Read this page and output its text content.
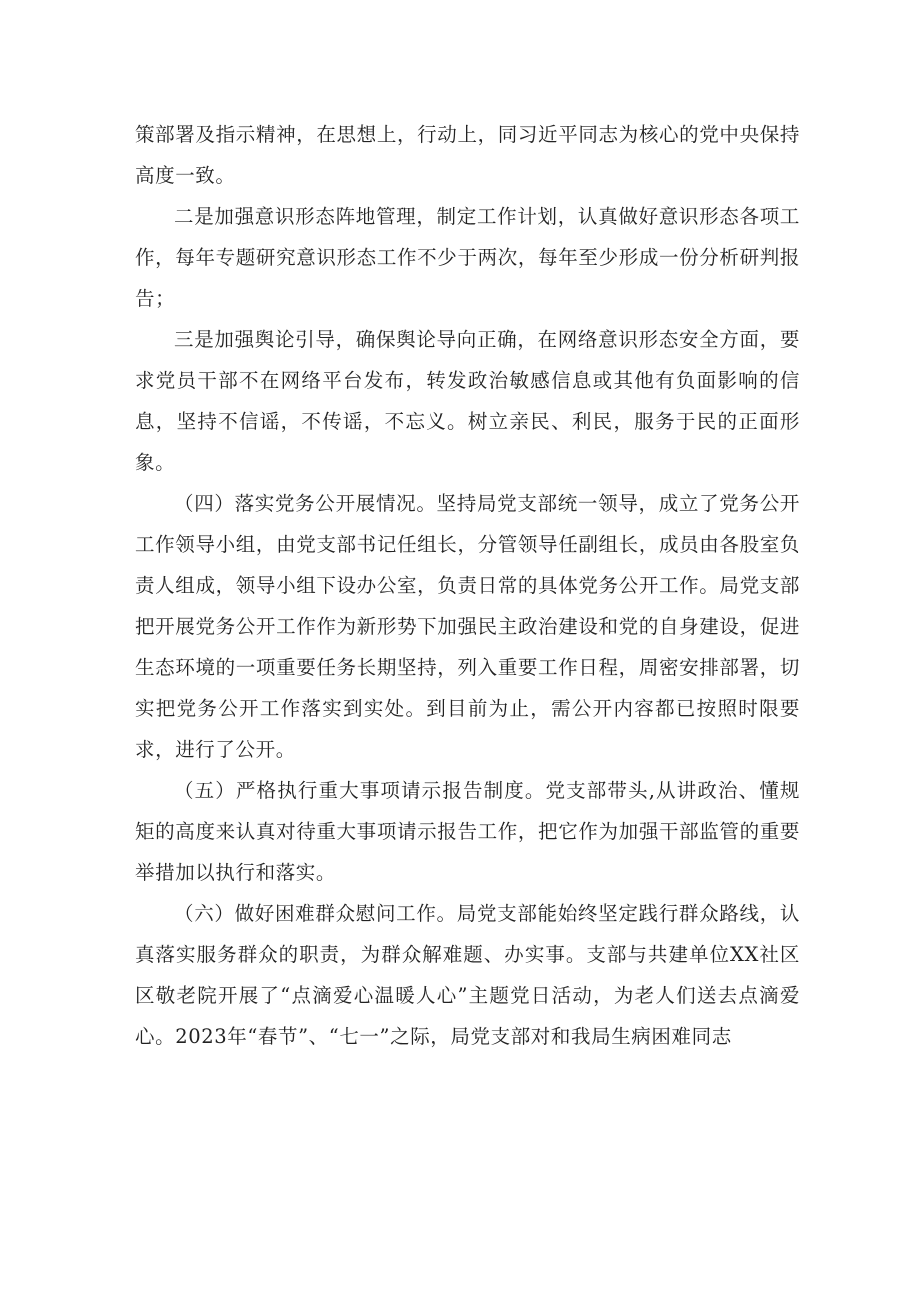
策部署及指示精神，在思想上，行动上，同习近平同志为核心的党中央保持高度一致。

二是加强意识形态阵地管理，制定工作计划，认真做好意识形态各项工作，每年专题研究意识形态工作不少于两次，每年至少形成一份分析研判报告；

三是加强舆论引导，确保舆论导向正确，在网络意识形态安全方面，要求党员干部不在网络平台发布，转发政治敏感信息或其他有负面影响的信息，坚持不信谣，不传谣，不忘义。树立亲民、利民，服务于民的正面形象。

（四）落实党务公开展情况。坚持局党支部统一领导，成立了党务公开工作领导小组，由党支部书记任组长，分管领导任副组长，成员由各股室负责人组成，领导小组下设办公室，负责日常的具体党务公开工作。局党支部把开展党务公开工作作为新形势下加强民主政治建设和党的自身建设，促进生态环境的一项重要任务长期坚持，列入重要工作日程，周密安排部署，切实把党务公开工作落实到实处。到目前为止，需公开内容都已按照时限要求，进行了公开。

（五）严格执行重大事项请示报告制度。党支部带头,从讲政治、懂规矩的高度来认真对待重大事项请示报告工作，把它作为加强干部监管的重要举措加以执行和落实。

（六）做好困难群众慰问工作。局党支部能始终坚定践行群众路线，认真落实服务群众的职责，为群众解难题、办实事。支部与共建单位XX社区区敬老院开展了“点滴爱心温暖人心”主题党日活动，为老人们送去点滴爱心。2023年“春节”、“七一”之际，局党支部对和我局生病困难同志
